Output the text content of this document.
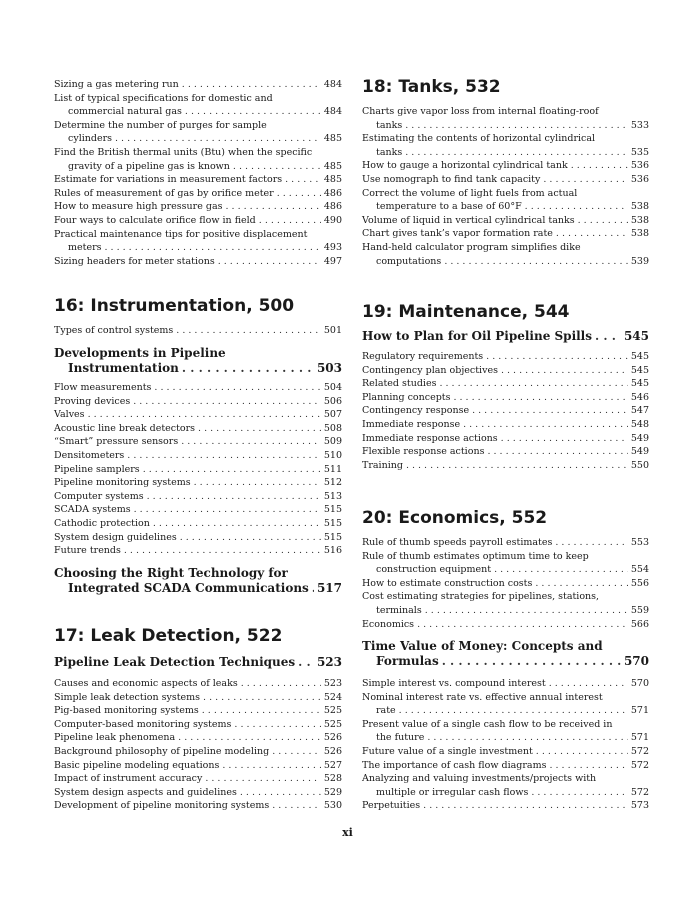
Sizing a gas metering run . . .	484
List of typical specifications for domestic and
commercial natural gas . . .	484
Determine the number of purges for sample
cylinders . . .	485
Find the British thermal units (Btu) when the specific
gravity of a pipeline gas is known . . .	485
Estimate for variations in measurement factors . . .	485
Rules of measurement of gas by orifice meter . . .	486
How to measure high pressure gas . . .	486
Four ways to calculate orifice flow in field . . .	490
Practical maintenance tips for positive displacement
meters . . .	493
Sizing headers for meter stations . . .	497
16: Instrumentation, 500
Types of control systems . . .	501
Developments in Pipeline
Instrumentation . . .	503
Flow measurements . . .	504
Proving devices . . .	506
Valves . . .	507
Acoustic line break detectors . . .	508
“Smart” pressure sensors . . .	509
Densitometers . . .	510
Pipeline samplers . . .	511
Pipeline monitoring systems . . .	512
Computer systems . . .	513
SCADA systems . . .	515
Cathodic protection . . .	515
System design guidelines . . .	515
Future trends . . .	516
Choosing the Right Technology for
Integrated SCADA Communications . . . 517
17: Leak Detection, 522
Pipeline Leak Detection Techniques . . . 523
Causes and economic aspects of leaks . . .	523
Simple leak detection systems . . .	524
Pig-based monitoring systems . . .	525
Computer-based monitoring systems . . .	525
Pipeline leak phenomena . . .	526
Background philosophy of pipeline modeling . . .	526
Basic pipeline modeling equations . . .	527
Impact of instrument accuracy . . .	528
System design aspects and guidelines . . .	529
Development of pipeline monitoring systems . . .	530
18: Tanks, 532
Charts give vapor loss from internal floating-roof
tanks . . .	533
Estimating the contents of horizontal cylindrical
tanks . . .	535
How to gauge a horizontal cylindrical tank . . .	536
Use nomograph to find tank capacity . . .	536
Correct the volume of light fuels from actual
temperature to a base of 60°F . . .	538
Volume of liquid in vertical cylindrical tanks . . .	538
Chart gives tank’s vapor formation rate . . .	538
Hand-held calculator program simplifies dike
computations . . .	539
19: Maintenance, 544
How to Plan for Oil Pipeline Spills . . .	545
Regulatory requirements . . .	545
Contingency plan objectives . . .	545
Related studies . . .	545
Planning concepts . . .	546
Contingency response . . .	547
Immediate response . . .	548
Immediate response actions . . .	549
Flexible response actions . . .	549
Training . . .	550
20: Economics, 552
Rule of thumb speeds payroll estimates . . .	553
Rule of thumb estimates optimum time to keep
construction equipment . . .	554
How to estimate construction costs . . .	556
Cost estimating strategies for pipelines, stations,
terminals . . .	559
Economics . . .	566
Time Value of Money: Concepts and
Formulas . . .	570
Simple interest vs. compound interest . . .	570
Nominal interest rate vs. effective annual interest
rate . . .	571
Present value of a single cash flow to be received in
the future . . .	571
Future value of a single investment . . .	572
The importance of cash flow diagrams . . .	572
Analyzing and valuing investments/projects with
multiple or irregular cash flows . . .	572
Perpetuities . . .	573
xi
